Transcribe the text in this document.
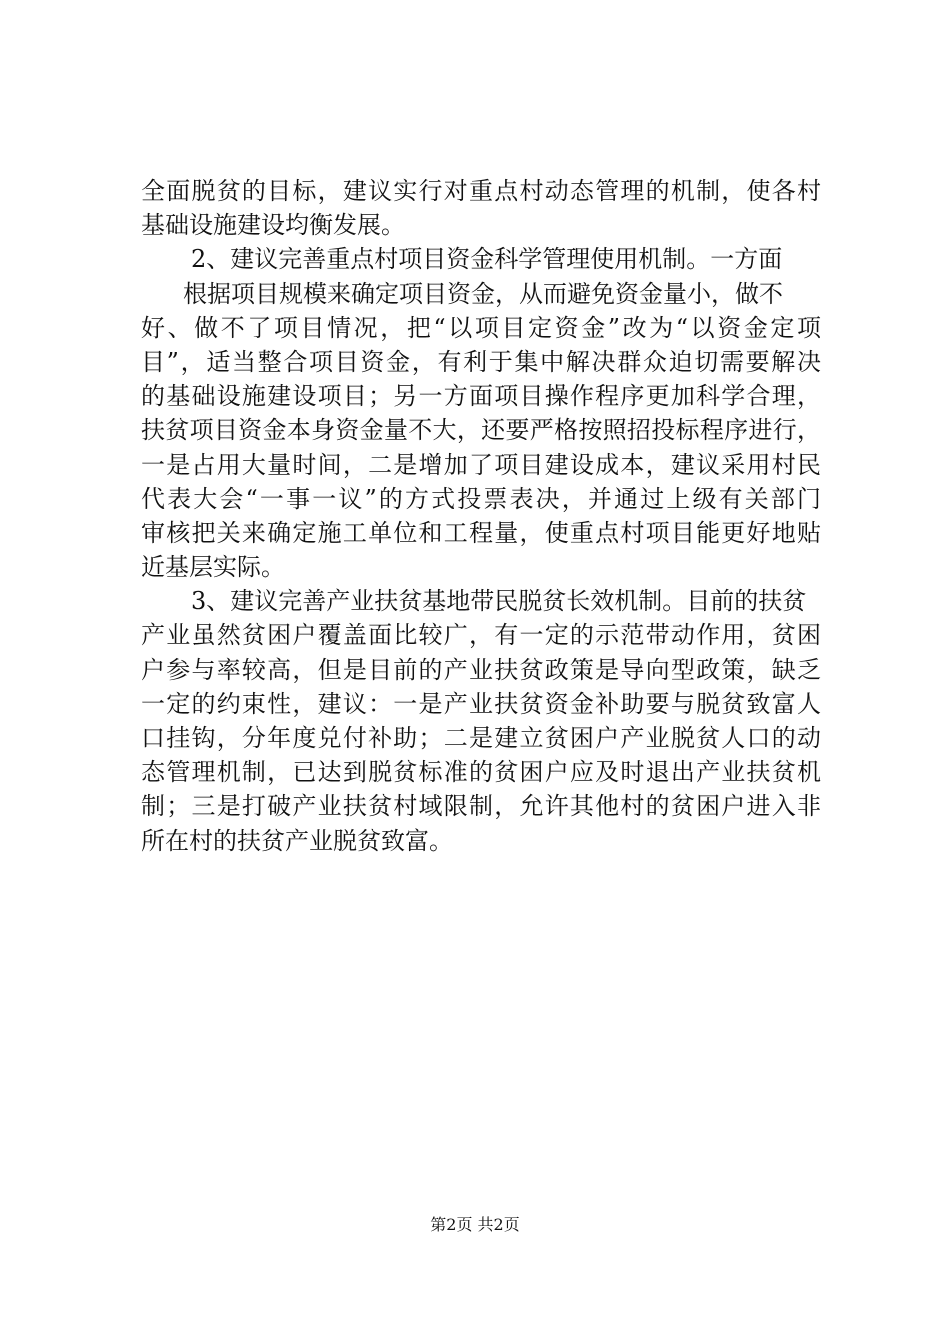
全面脱贫的目标，建议实行对重点村动态管理的机制，使各村
基础设施建设均衡发展。
2、建议完善重点村项目资金科学管理使用机制。一方面
根据项目规模来确定项目资金，从而避免资金量小，做不
好、做不了项目情况，把“以项目定资金”改为“以资金定项
目”，适当整合项目资金，有利于集中解决群众迫切需要解决
的基础设施建设项目；另一方面项目操作程序更加科学合理，
扶贫项目资金本身资金量不大，还要严格按照招投标程序进行，
一是占用大量时间，二是增加了项目建设成本，建议采用村民
代表大会“一事一议”的方式投票表决，并通过上级有关部门
审核把关来确定施工单位和工程量，使重点村项目能更好地贴
近基层实际。
3、建议完善产业扶贫基地带民脱贫长效机制。目前的扶贫
产业虽然贫困户覆盖面比较广，有一定的示范带动作用，贫困
户参与率较高，但是目前的产业扶贫政策是导向型政策，缺乏
一定的约束性，建议：一是产业扶贫资金补助要与脱贫致富人
口挂钩，分年度兑付补助；二是建立贫困户产业脱贫人口的动
态管理机制，已达到脱贫标准的贫困户应及时退出产业扶贫机
制；三是打破产业扶贫村域限制，允许其他村的贫困户进入非
所在村的扶贫产业脱贫致富。
第2页 共2页
